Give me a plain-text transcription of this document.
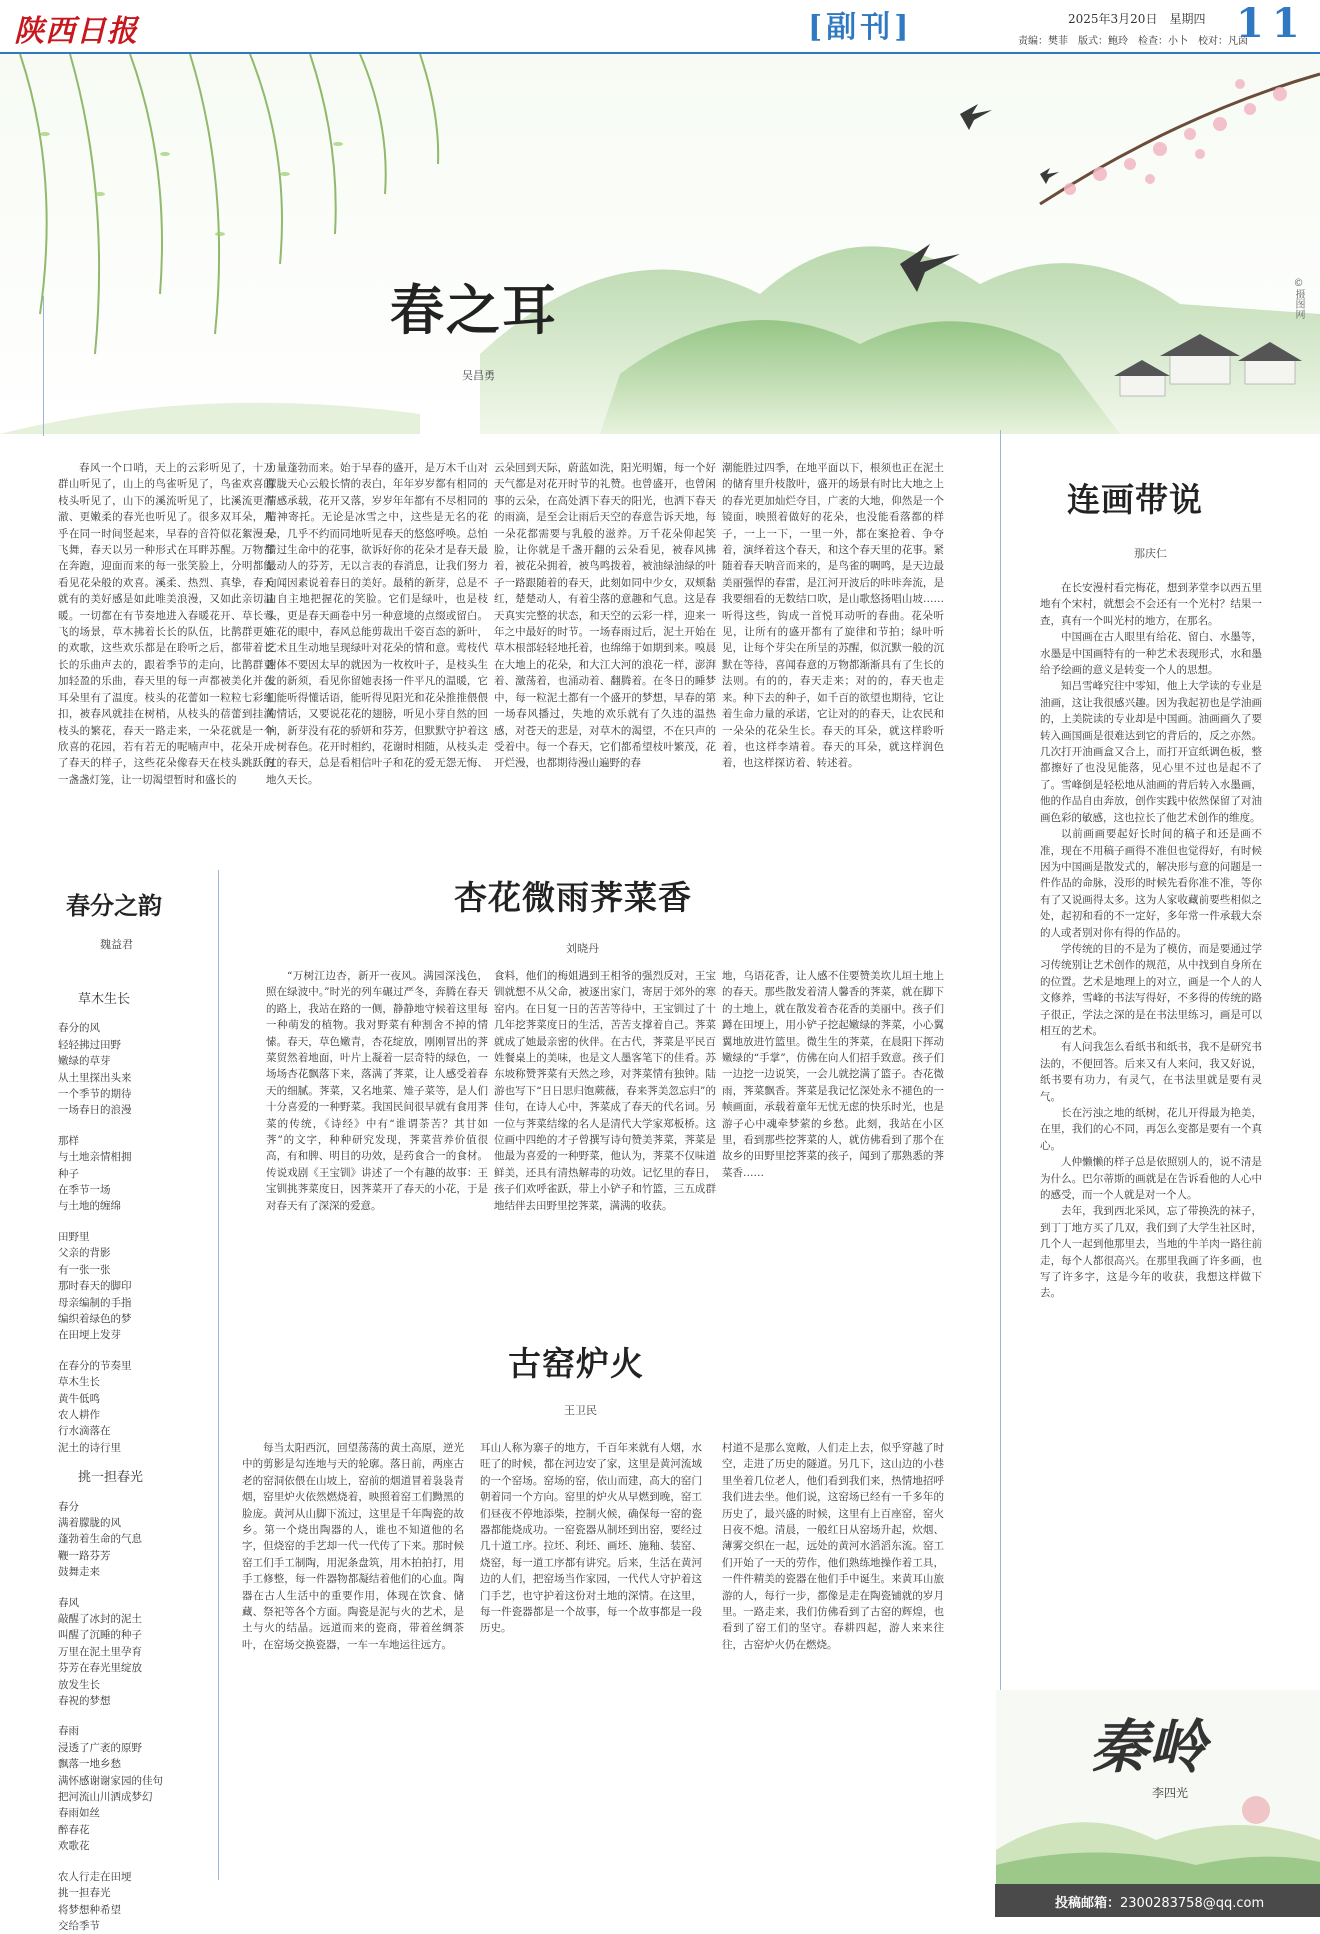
陕西日报	[副刊]	2025年3月20日　星期四
责编：樊菲　版式：鲍玲　检查：小卜　校对：凡茵
11
©摄图网
春之耳
吴昌勇

春风一个口哨，天上的云彩听见了，十万群山听见了，山上的鸟雀听见了，鸟雀欢喜的枝头听见了，山下的溪流听见了，比溪流更清澈、更嫩柔的春光也听见了。很多双耳朵，几乎在同一时间竖起来，早春的音符似花絮漫天飞舞，春天以另一种形式在耳畔苏醒。万物都在奔跑，迎面而来的每一张笑脸上，分明都能看见花朵般的欢喜。溪柔、热烈、真挚，春天就有的美好感是如此唯美浪漫，又如此亲切温暖。一切都在有节奏地进入春暖花开、草长莺飞的场景，草木拂着长长的队伍，比鹊群更好的欢歌，这些欢乐都是在聆听之后，都带着长长的乐曲声去的，跟着季节的走向，比鹊群更加轻盈的乐曲，春天里的每一声都被美化并在耳朵里有了温度。枝头的花蕾如一粒粒七彩纽扣，被春风就挂在树梢，从枝头的蓓蕾到挂满枝头的繁花，春天一路走来，一朵花就是一个欣喜的花园，若有若无的呢喃声中，花朵开成了春天的样子，这些花朵像春天在枝头跳跃的一盏盏灯笼，让一切渴望暂时和盛长的

力量蓬勃而来。始于早春的盛开，是万木千山对朦胧天心云般长情的表白，年年岁岁都有相同的情感承载，花开又落，岁岁年年都有不尽相同的精神寄托。无论是冰雪之中，这些是无名的花朵，几乎不约而同地听见春天的悠悠呼唤。总怕错过生命中的花事，欲诉好你的花朵才是春天最最动人的芬芳，无以言表的春消息，让我们努力向闻因素说着春日的美好。最稍的新芽，总是不由自主地把握花的笑脸。它们是绿叶，也是枝头，更是春天画卷中另一种意境的点缀或留白。在花的眼中，春风总能剪裁出千姿百态的新叶，艺术且生动地呈现绿叶对花朵的情和意。莺枝代謝体不要因太早的就因为一枚枚叶子，是枝头生发的新须，看见你留她表扬一件平凡的温暖，它们能听得懂话语，能听得见阳光和花朵推推偎偎的情话，又要说花花的翅膀，听见小芽自然的回响，新芽没有花的骄妍和芬芳，但默默守护着这一树春色。花开时相约，花谢时相随，从枝头走过的春天，总是看相信叶子和花的爱无怨无悔、地久天长。

云朵回到天际，蔚蓝如洗，阳光明媚，每一个好天气都是对花开时节的礼赞。也曾盛开，也曾闲事的云朵，在高处洒下春天的阳光，也洒下春天的雨滴，是至会让雨后天空的春意告诉天地，每一朵花都需要与乳般的滋养。万千花朵仰起笑脸，让你就是千盏开翻的云朵看见，被春风拂着，被花朵拥着，被鸟鸣拨着，被油绿油绿的叶子一路跟随着的春天，此刻如同中少女，双颊黏红，楚楚动人，有着尘落的意趣和气息。这是春天真实完整的状态，和天空的云彩一样，迎来一年之中最好的时节。一场春雨过后，泥土开始在草木根部轻轻地托着，也绵绵于如期到来。嗅晨在大地上的花朵，和大江大河的浪花一样，澎湃着、激荡着，也涌动着、翻腾着。在冬日的睡梦中，每一粒泥土都有一个盛开的梦想，早春的第一场春风播过，失地的欢乐就有了久违的温热感，对苍天的悲是，对草木的渴望，不在只声的受着中。每一个春天，它们都希望枝叶繁茂，花开烂漫，也都期待漫山遍野的春

潮能胜过四季，在地平面以下，根须也正在泥土的储育里升枝散叶，盛开的场景有时比大地之上的春光更加灿烂夺目，广袤的大地，仰然是一个镜面，映照着做好的花朵，也没能看落都的样子，一上一下，一里一外，都在案抢着、争夺着，演绎着这个春天，和这个春天里的花事。紧随着春天呐音而来的，是鸟雀的啁鸣，是天边最美丽强悍的春雷，是江河开波后的咔咔奔流，是我要细看的无数结口吹，是山歌悠扬唱山坡……听得这些，钩成一首悦耳动听的春曲。花朵听见，让所有的盛开都有了旋律和节拍；绿叶听见，让每个芽尖在所呈的苏醒，似沉默一般的沉默在等待，喜闻春意的万物都渐渐具有了生长的法则。有的的，春天走来；对的的，春天也走来。种下去的种子，如千百的欲望也期待，它让着生命力量的承诺，它让对的的春天，让农民和一朵朵的花朵生长。春天的耳朵，就这样聆听着，也这样李靖着。春天的耳朵，就这样润色着，也这样探访着、转述着。

连画带说
那庆仁

在长安漫村看完梅花，想到茅堂李以西五里地有个宋村，就想会不会还有一个光村？结果一查，真有一个叫光村的地方，在那名。

中国画在古人眼里有给花、留白、水墨等，水墨是中国画特有的一种艺术表现形式，水和墨给予绘画的意义是转变一个人的思想。

知吕雪峰究往中零知，他上大学读的专业是油画，这让我很感兴趣。因为我起初也是学油画的，上美院读的专业却是中国画。油画画久了要转入画国画是很难达到它的背后的，反之亦然。几次打开油画盒又合上，而打开宣纸调色板，整都擦好了也没见能落，见心里不过也是起不了了。雪峰倒是轻松地从油画的背后转入水墨画，他的作品自由奔放，创作实践中依然保留了对油画色彩的敏感，这也拉长了他艺术创作的维度。

以前画画要起好长时间的稿子和还是画不准，现在不用稿子画得不准但也觉得好，有时候因为中国画是散发式的，解决形与意的问题是一件作品的命脉，没形的时候先看你准不准，等你有了又说画得太多。这为人家收藏前要些相似之处，起初和看的不一定好，多年常一件承载大奈的人或者别对你有得的作品的。

学传统的目的不是为了模仿，而是要通过学习传统别让艺术创作的规范，从中找到自身所在的位置。艺术是地理上的对立，画是一个人的人文修养，雪峰的书法写得好，不多得的传统的路子很正，学法之深的是在书法里练习，画是可以相互的艺术。

有人问我怎么看纸书和纸书，我不是研究书法的，不便回答。后来又有人来问，我又好说，纸书要有功力，有灵气，在书法里就是要有灵气。

长在污浊之地的纸树，花儿开得最为艳美，在里，我们的心不同，再怎么变都是要有一个真心。

人仲懒懒的样子总是依照别人的，说不清是为什么。巴尔蒂斯的画就是在告诉看他的人心中的感受，而一个人就是对一个人。

去年，我到西北采风，忘了带换洗的袜子，到丁丁地方买了几双，我们到了大学生社区时，几个人一起到他那里去，当地的牛羊肉一路往前走，每个人都很高兴。在那里我画了许多画，也写了许多字，这是今年的收获，我想这样做下去。

春分之韵
魏益君
草木生长
春分的风
轻轻拂过田野
嫩绿的草芽
从土里探出头来
一个季节的期待
一场春日的浪漫
那样
与土地亲情相拥
种子
在季节一场
与土地的缠绵
田野里
父亲的背影
有一张一张
那时春天的脚印
母亲编制的手指
编织着绿色的梦
在田埂上发芽
在春分的节奏里
草木生长
黄牛低鸣
农人耕作
行水滴落在
泥土的诗行里
挑一担春光
春分
满着朦胧的风
蓬勃着生命的气息
鞭一路芬芳
鼓舞走来
春风
敲醒了冰封的泥土
叫醒了沉睡的种子
万里在泥土里孕育
芬芳在春光里绽放
放发生长
春祝的梦想
春雨
浸透了广袤的原野
飘落一地乡愁
满怀感谢谢家园的佳句
把河流山川洒成梦幻
春雨如丝
醉春花
欢歌花
农人行走在田埂
挑一担春光
将梦想种希望
交给季节
杏花微雨荠菜香
刘晓丹

“万树江边杏，新开一夜风。满园深浅色，照在绿波中。”时光的列车碾过严冬，奔腾在春天的路上，我站在路的一侧，静静地守候着这里每一种萌发的植物。我对野菜有种割舍不掉的情愫。春天，草色嫩青，杏花绽放，刚刚冒出的荠菜贸然着地面，叶片上凝着一层奇特的绿色，一场场杏花飘落下来，落满了荠菜，让人感受着春天的细腻。荠菜，又名地菜、雉子菜等，是人们十分喜爱的一种野菜。我国民间很早就有食用荠菜的传统，《诗经》中有“谁谓荼苦？其甘如荠”的文字，种种研究发现，荠菜营养价值很高，有和脾、明目的功效，是药食合一的食材。传说戏剧《王宝钏》讲述了一个有趣的故事：王宝钏挑荠菜度日，因荠菜开了春天的小花，于是对春天有了深深的爱意。

食料，他们的梅姐遇到王相爷的强烈反对，王宝钏就想不从父命，被逐出家门，寄居于郊外的寒窑内。在日复一日的苦苦等待中，王宝钏过了十几年挖荠菜度日的生活，苦苦支撑着自己。荠菜就成了她最亲密的伙伴。在古代，荠菜是平民百姓餐桌上的美味，也是文人墨客笔下的佳肴。苏东坡称赞荠菜有天然之珍，对荠菜情有独钟。陆游也写下“日日思归饱蕨薇，春来荠美忽忘归”的佳句，在诗人心中，荠菜成了春天的代名词。另一位与荠菜结缘的名人是清代大学家郑板桥。这位画中四绝的才子曾撰写诗句赞美荠菜，荠菜是他最为喜爱的一种野菜，他认为，荠菜不仅味道鲜美，还具有清热解毒的功效。记忆里的春日，孩子们欢呼雀跃，带上小铲子和竹篮，三五成群地结伴去田野里挖荠菜，满满的收获。

地，乌语花香，让人感不住要赞美坎儿垣土地上的春天。那些散发着清人馨香的荠菜，就在脚下的土地上，就在散发着杏花香的美丽中。孩子们蹲在田埂上，用小铲子挖起嫩绿的荠菜，小心翼翼地放进竹篮里。微生生的荠菜，在晨阳下挥动嫩绿的“手掌”，仿佛在向人们招手致意。孩子们一边挖一边说笑，一会儿就挖满了篮子。杏花微雨，荠菜飘香。荠菜是我记忆深处永不褪色的一帧画面，承载着童年无忧无虑的快乐时光，也是游子心中魂牵梦萦的乡愁。此刻，我站在小区里，看到那些挖荠菜的人，就仿佛看到了那个在故乡的田野里挖荠菜的孩子，闻到了那熟悉的荠菜香……

古窑炉火
王卫民

每当太阳西沉，回望荡荡的黄土高原，逆光中的剪影是勾连地与天的轮廓。落日前，两座古老的窑洞依偎在山坡上，窑前的烟道冒着袅袅青烟，窑里炉火依然燃烧着，映照着窑工们黝黑的脸庞。黄河从山脚下流过，这里是千年陶瓷的故乡。第一个烧出陶器的人，谁也不知道他的名字，但烧窑的手艺却一代一代传了下来。那时候窑工们手工制陶，用泥条盘筑，用木拍拍打，用手工修整，每一件器物都凝结着他们的心血。陶器在古人生活中的重要作用，体现在饮食、储藏、祭祀等各个方面。陶瓷是泥与火的艺术，是土与火的结晶。远道而来的瓷商，带着丝绸茶叶，在窑场交换瓷器，一车一车地运往远方。

耳山人称为寨子的地方，千百年来就有人烟，水旺了的时候，都在河边安了家，这里是黄河流域的一个窑场。窑场的窑，依山而建，高大的窑门朝着同一个方向。窑里的炉火从早燃到晚，窑工们昼夜不停地添柴，控制火候，确保每一窑的瓷器都能烧成功。一窑瓷器从制坯到出窑，要经过几十道工序。拉坯、利坯、画坯、施釉、装窑、烧窑，每一道工序都有讲究。后来，生活在黄河边的人们，把窑场当作家园，一代代人守护着这门手艺，也守护着这份对土地的深情。在这里，每一件瓷器都是一个故事，每一个故事都是一段历史。

村道不是那么宽敞，人们走上去，似乎穿越了时空，走进了历史的隧道。另几下，这山边的小巷里坐着几位老人，他们看到我们来，热情地招呼我们进去坐。他们说，这窑场已经有一千多年的历史了，最兴盛的时候，这里有上百座窑，窑火日夜不熄。清晨，一般红日从窑场升起，炊烟、薄雾交织在一起，远处的黄河水滔滔东流。窑工们开始了一天的劳作，他们熟练地操作着工具，一件件精美的瓷器在他们手中诞生。来黄耳山旅游的人，每行一步，都像是走在陶瓷铺就的岁月里。一路走来，我们仿佛看到了古窑的辉煌，也看到了窑工们的坚守。春耕四起，游人来来往往，古窑炉火仍在燃烧。

秦岭
李四光
投稿邮箱：2300283758@qq.com
